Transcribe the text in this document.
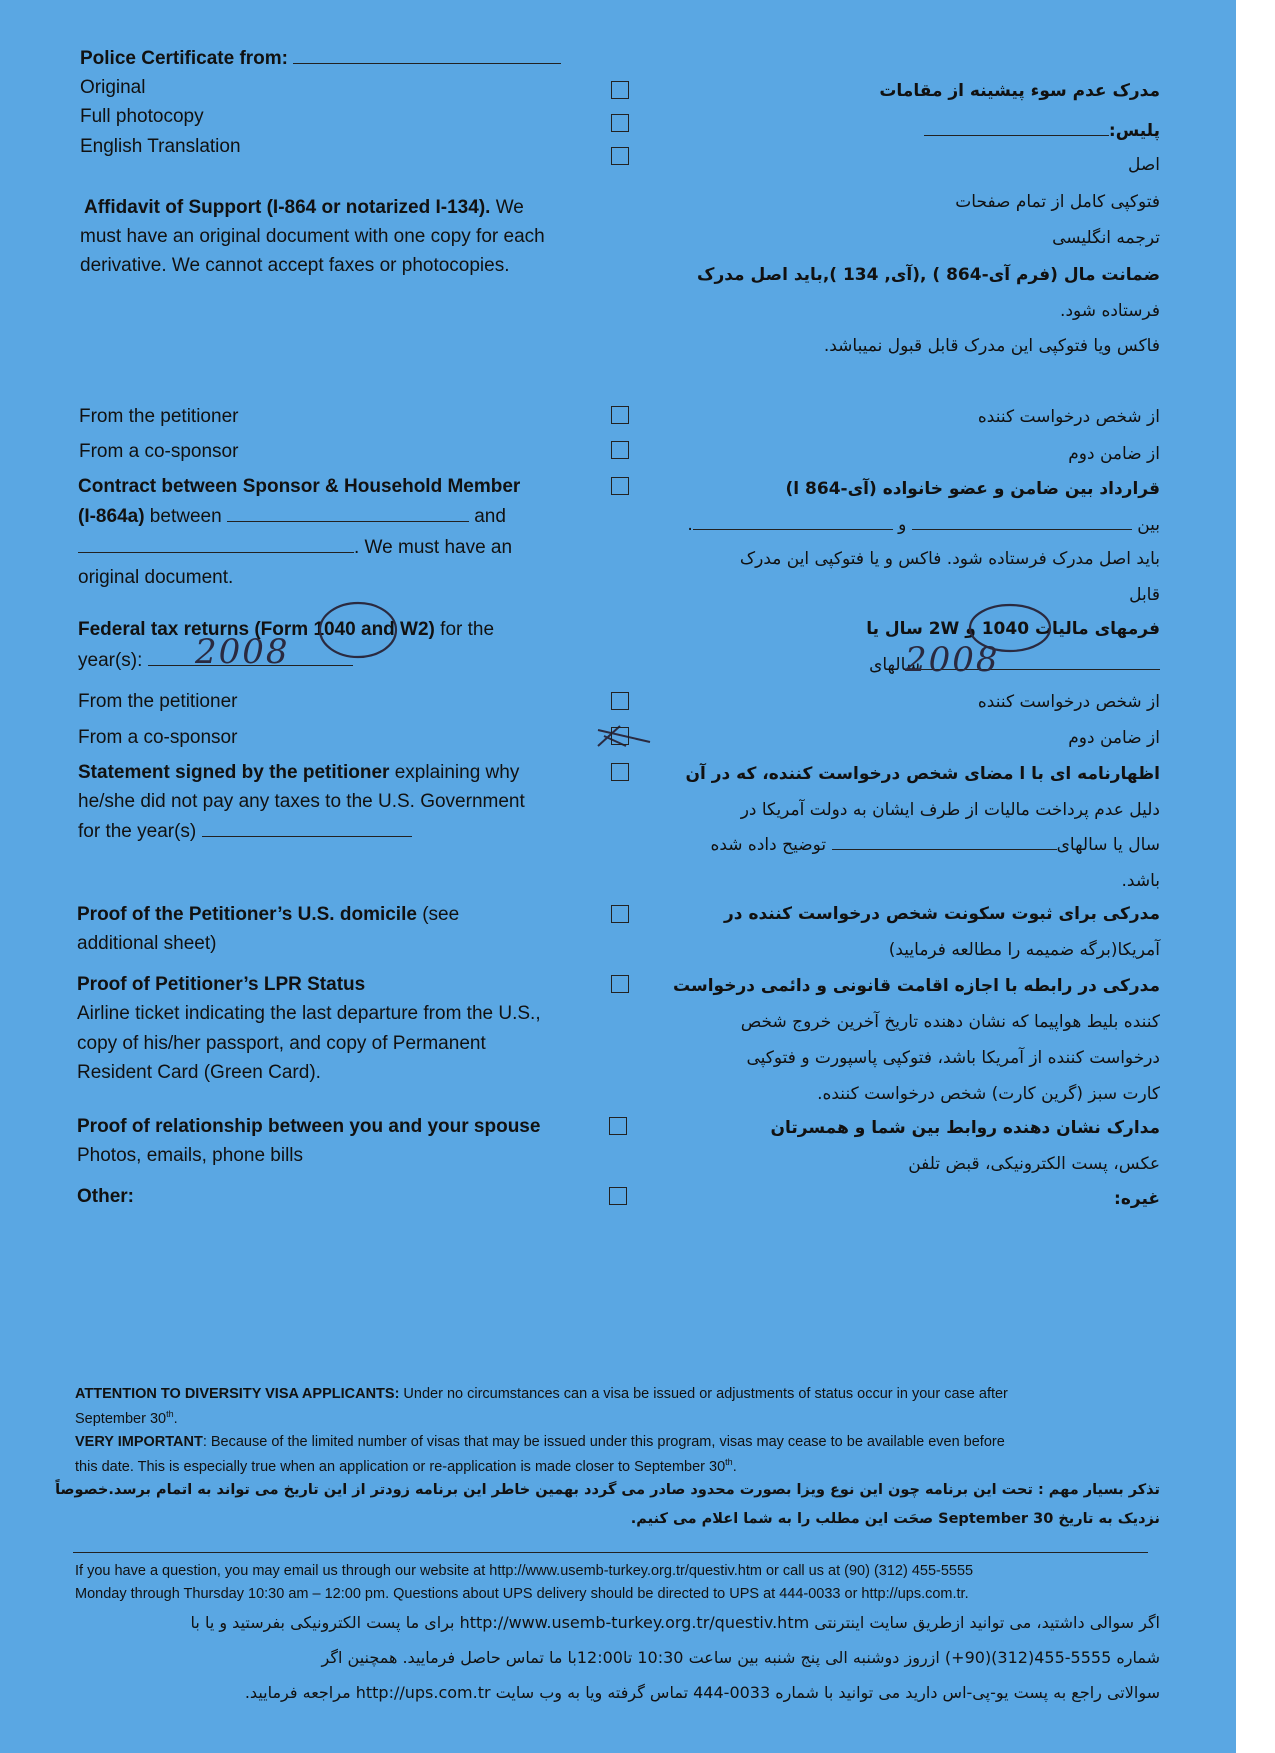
Police Certificate from:
Original
Full photocopy
English Translation
مدرک عدم سوء پیشینه از مقامات
پلیس:
اصل
فتوکپی کامل از تمام صفحات
ترجمه انگلیسی
Affidavit of Support (I-864 or notarized I-134). We
must have an original document with one copy for each
derivative. We cannot accept faxes or photocopies.	ضمانت مال (فرم آی-864 ) ,(آی, 134 ),باید اصل مدرک
فرستاده شود.
فاکس ویا فتوکپی این مدرک قابل قبول نمیباشد.
From the petitioner
From a co-sponsor
از شخص درخواست کننده
از ضامن دوم
Contract between Sponsor & Household Member
(I-864a) between	and
. We must have an
original document.
قرارداد بین ضامن و عضو خانواده (آی-864 ا)
بین  و .
باید اصل مدرک فرستاده شود. فاکس و یا فتوکپی این مدرک
قابل
Federal tax returns (Form 1040 and W2) for the
year(s):	2008
فرمهای مالیات 1040 و 2W سال یا
سالهای
2008
From the petitioner
From a co-sponsor
از شخص درخواست کننده
از ضامن دوم
Statement signed by the petitioner explaining why
he/she did not pay any taxes to the U.S. Government
for the year(s)
اظهارنامه ای با ا مضای شخص درخواست کننده، که در آن
دلیل عدم پرداخت مالیات از طرف ایشان به دولت آمریکا در
سال یا سالهای توضیح داده شده
باشد.
Proof of the Petitioner’s U.S. domicile (see
additional sheet)
مدرکی برای ثبوت سکونت شخص درخواست کننده در
آمریکا(برگه ضمیمه را مطالعه فرمایید)
Proof of Petitioner’s LPR Status
Airline ticket indicating the last departure from the U.S.,
copy of his/her passport, and copy of Permanent
Resident Card (Green Card).
مدرکی در رابطه با اجازه اقامت قانونی و دائمی درخواست
کننده بلیط هواپیما که نشان دهنده تاریخ آخرین خروج شخص
درخواست کننده از آمریکا باشد، فتوکپی پاسپورت و فتوکپی
کارت سبز (گرین کارت) شخص درخواست کننده.
Proof of relationship between you and your spouse
Photos, emails, phone bills
مدارک نشان دهنده روابط بین شما و همسرتان
عکس، پست الکترونیکی، قبض تلفن
Other:	غیره:
ATTENTION TO DIVERSITY VISA APPLICANTS: Under no circumstances can a visa be issued or adjustments of status occur in your case after
September 30th.
VERY IMPORTANT: Because of the limited number of visas that may be issued under this program, visas may cease to be available even before
this date. This is especially true when an application or re-application is made closer to September 30th.
تذکر بسیار مهم : تحت این برنامه چون این نوع ویزا بصورت محدود صادر می گردد بهمین خاطر این برنامه زودتر از این تاریخ می تواند به اتمام برسد.خصوصاً
نزدیک به تاریخ September 30 صحَت این مطلب را به شما اعلام می کنیم.
If you have a question, you may email us through our website at http://www.usemb-turkey.org.tr/questiv.htm or call us at (90) (312) 455-5555
Monday through Thursday 10:30 am – 12:00 pm. Questions about UPS delivery should be directed to UPS at 444-0033 or http://ups.com.tr.
اگر سوالی داشتید، می توانید ازطریق سایت اینترنتی http://www.usemb-turkey.org.tr/questiv.htm برای ما پست الکترونیکی بفرستید و یا با
شماره 5555-455(312)(90+) ازروز دوشنبه الی پنج شنبه بین ساعت 10:30 تا12:00با ما تماس حاصل فرمایید. همچنین اگر
سوالاتی راجع به پست یو-پی-اس دارید می توانید با شماره 0033-444 تماس گرفته ویا به وب سایت http://ups.com.tr مراجعه فرمایید.
